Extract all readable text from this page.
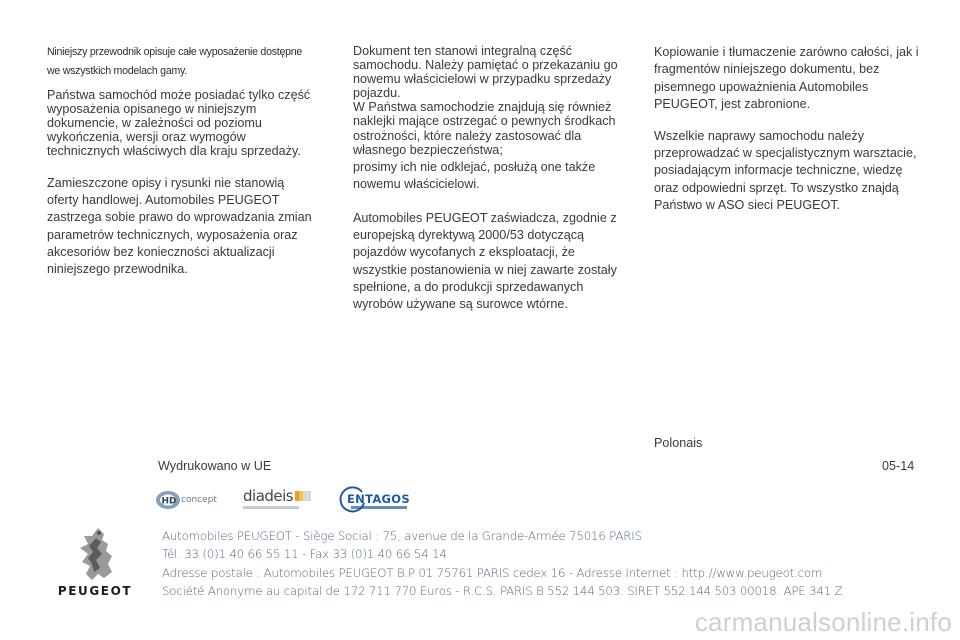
Niniejszy przewodnik opisuje całe wyposażenie dostępne we wszystkich modelach gamy.

Państwa samochód może posiadać tylko część wyposażenia opisanego w niniejszym dokumencie, w zależności od poziomu wykończenia, wersji oraz wymogów technicznych właściwych dla kraju sprzedaży.

Zamieszczone opisy i rysunki nie stanowią oferty handlowej. Automobiles PEUGEOT zastrzega sobie prawo do wprowadzania zmian parametrów technicznych, wyposażenia oraz akcesoriów bez konieczności aktualizacji niniejszego przewodnika.

Dokument ten stanowi integralną część samochodu. Należy pamiętać o przekazaniu go nowemu właścicielowi w przypadku sprzedaży pojazdu.

W Państwa samochodzie znajdują się również naklejki mające ostrzegać o pewnych środkach ostrożności, które należy zastosować dla własnego bezpieczeństwa;

prosimy ich nie odklejać, posłużą one także nowemu właścicielowi.

Automobiles PEUGEOT zaświadcza, zgodnie z europejską dyrektywą 2000/53 dotyczącą pojazdów wycofanych z eksploatacji, że wszystkie postanowienia w niej zawarte zostały spełnione, a do produkcji sprzedawanych wyrobów używane są surowce wtórne.

Kopiowanie i tłumaczenie zarówno całości, jak i fragmentów niniejszego dokumentu, bez pisemnego upoważnienia Automobiles PEUGEOT, jest zabronione.

Wszelkie naprawy samochodu należy przeprowadzać w specjalistycznym warsztacie, posiadającym informacje techniczne, wiedzę oraz odpowiedni sprzęt. To wszystko znajdą Państwo w ASO sieci PEUGEOT.

Polonais
Wydrukowano w UE	05-14
HD concept diadeis	ENTAGOS
PEUGEOT
Automobiles PEUGEOT - Siège Social : 75, avenue de la Grande-Armée 75016 PARIS
Tél. 33 (0)1 40 66 55 11 - Fax 33 (0)1 40 66 54 14
Adresse postale : Automobiles PEUGEOT B.P 01 75761 PARIS cedex 16 - Adresse Internet : http://www.peugeot.com
Société Anonyme au capital de 172 711 770 Euros - R.C.S. PARIS B 552 144 503. SIRET 552 144 503 00018. APE 341 Z
carmanualsonline.info
